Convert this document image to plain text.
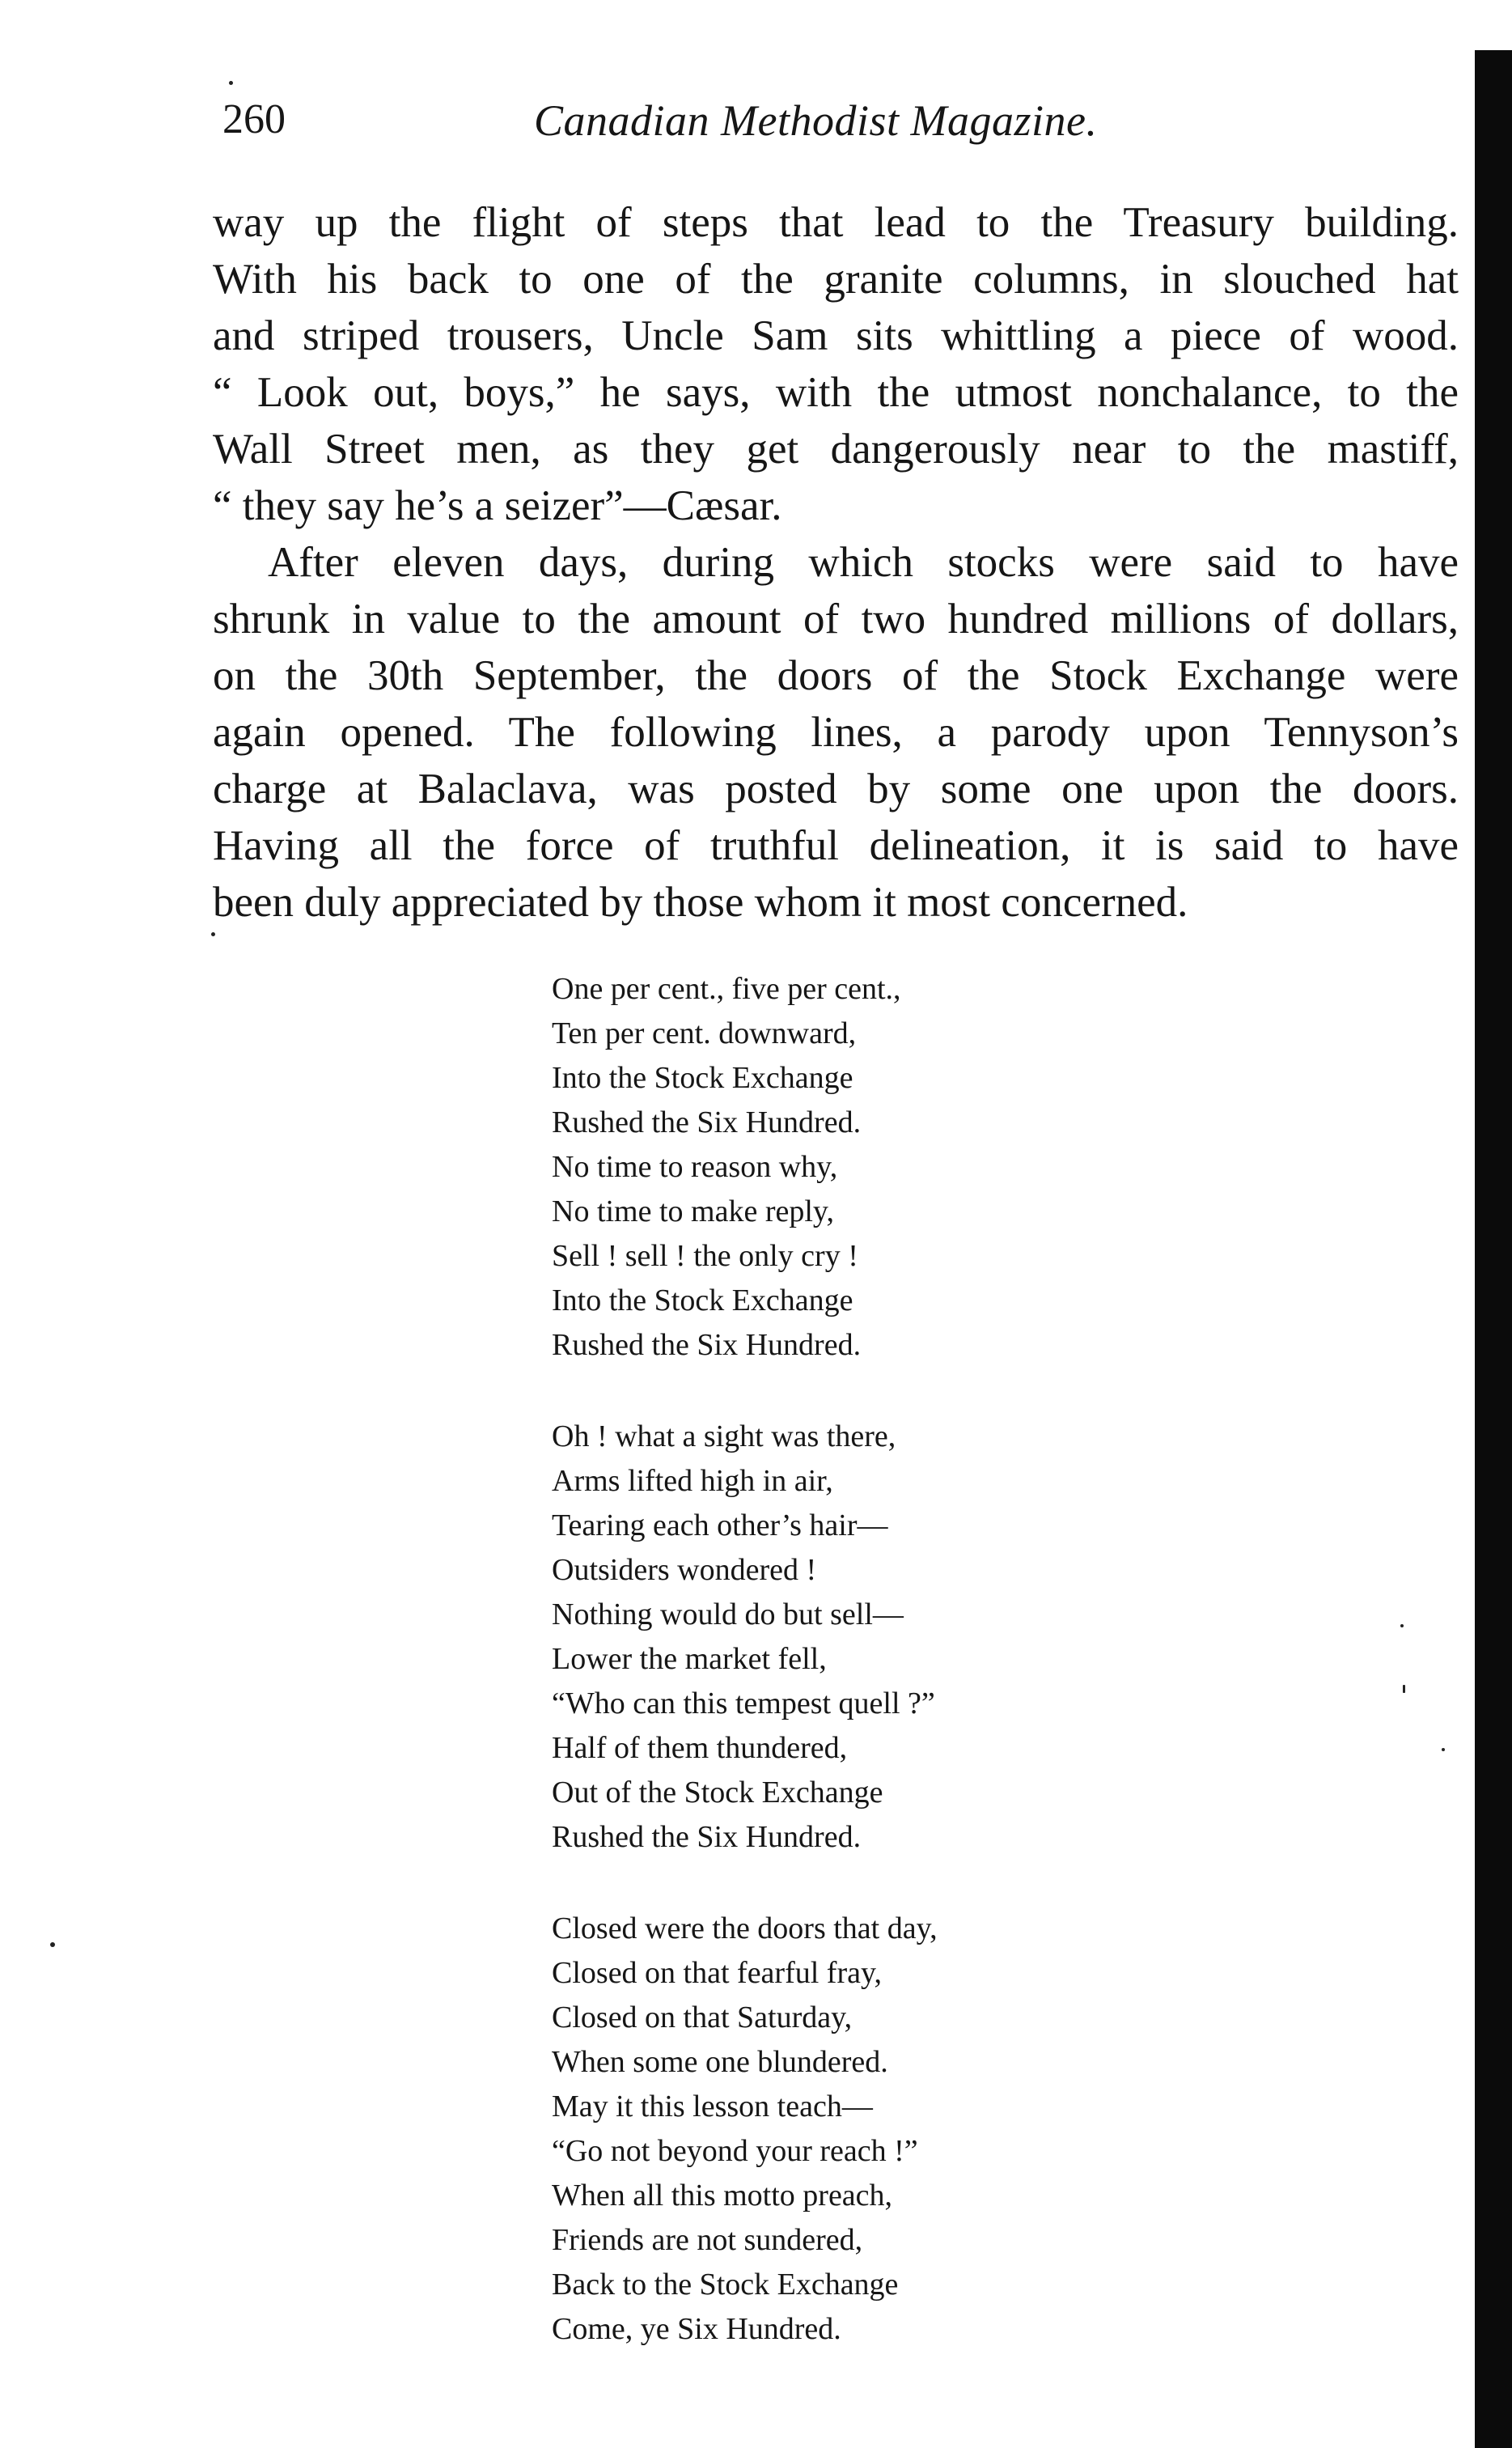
260	Canadian Methodist Magazine.
way up the flight of steps that lead to the Treasury building.
With his back to one of the granite columns, in slouched hat
and striped trousers, Uncle Sam sits whittling a piece of wood.
“ Look out, boys,” he says, with the utmost nonchalance, to the
Wall Street men, as they get dangerously near to the mastiff,
“ they say he’s a seizer”—Cæsar.
After eleven days, during which stocks were said to have
shrunk in value to the amount of two hundred millions of dollars,
on the 30th September, the doors of the Stock Exchange were
again opened. The following lines, a parody upon Tennyson’s
charge at Balaclava, was posted by some one upon the doors.
Having all the force of truthful delineation, it is said to have
been duly appreciated by those whom it most concerned.
One per cent., five per cent.,
Ten per cent. downward,
Into the Stock Exchange
Rushed the Six Hundred.
No time to reason why,
No time to make reply,
Sell ! sell ! the only cry !
Into the Stock Exchange
Rushed the Six Hundred.
Oh ! what a sight was there,
Arms lifted high in air,
Tearing each other’s hair—
Outsiders wondered !
Nothing would do but sell—
Lower the market fell,
“Who can this tempest quell ?”
Half of them thundered,
Out of the Stock Exchange
Rushed the Six Hundred.
Closed were the doors that day,
Closed on that fearful fray,
Closed on that Saturday,
When some one blundered.
May it this lesson teach—
“Go not beyond your reach !”
When all this motto preach,
Friends are not sundered,
Back to the Stock Exchange
Come, ye Six Hundred.
